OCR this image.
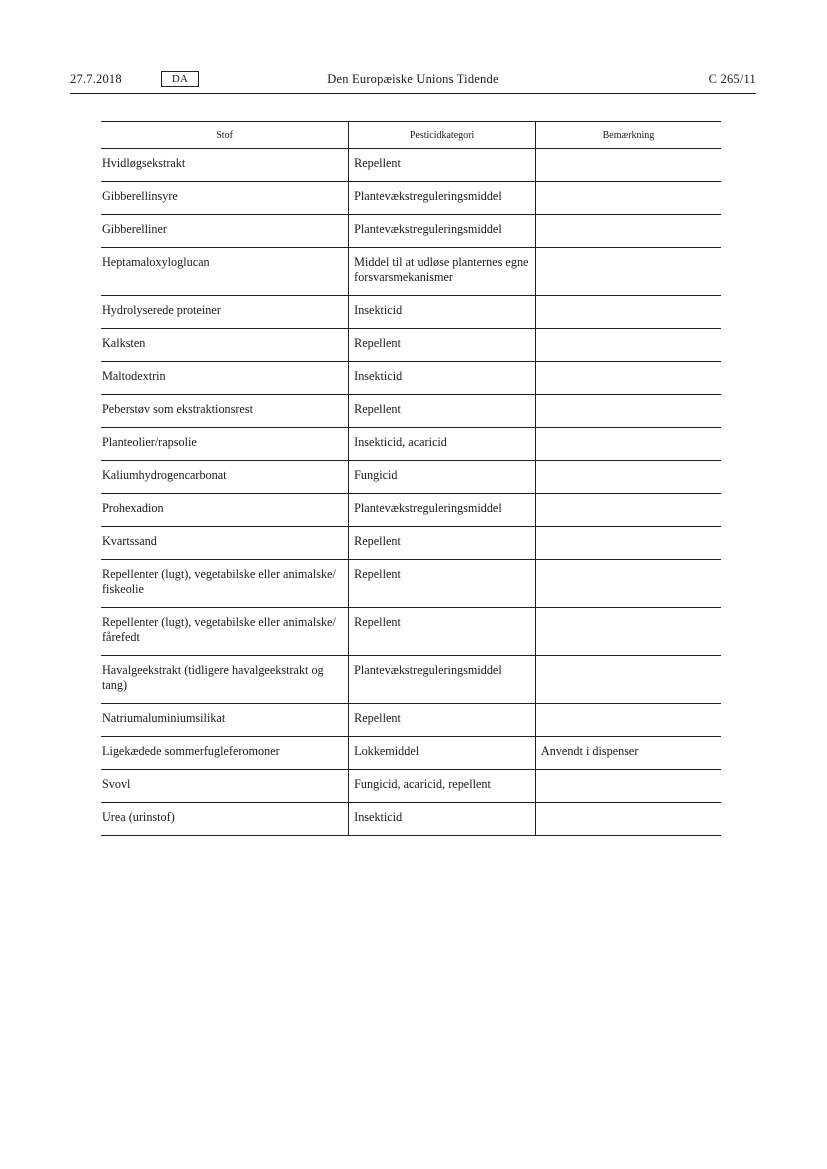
27.7.2018	DA	Den Europæiske Unions Tidende	C 265/11
Stof	Pesticidkategori	Bemærkning
Hvidløgsekstrakt	Repellent	
Gibberellinsyre	Plantevækstreguleringsmiddel	
Gibberelliner	Plantevækstreguleringsmiddel	
Heptamaloxyloglucan	Middel til at udløse planternes egne forsvarsmekanismer	
Hydrolyserede proteiner	Insekticid	
Kalksten	Repellent	
Maltodextrin	Insekticid	
Peberstøv som ekstraktionsrest	Repellent	
Planteolier/rapsolie	Insekticid, acaricid	
Kaliumhydrogencarbonat	Fungicid	
Prohexadion	Plantevækstreguleringsmiddel	
Kvartssand	Repellent	
Repellenter (lugt), vegetabilske eller animalske/ fiskeolie	Repellent	
Repellenter (lugt), vegetabilske eller animalske/ fårefedt	Repellent	
Havalgeekstrakt (tidligere havalgeekstrakt og tang)	Plantevækstreguleringsmiddel	
Natriumaluminiumsilikat	Repellent	
Ligekædede sommerfugleferomoner	Lokkemiddel	Anvendt i dispenser
Svovl	Fungicid, acaricid, repellent	
Urea (urinstof)	Insekticid	
